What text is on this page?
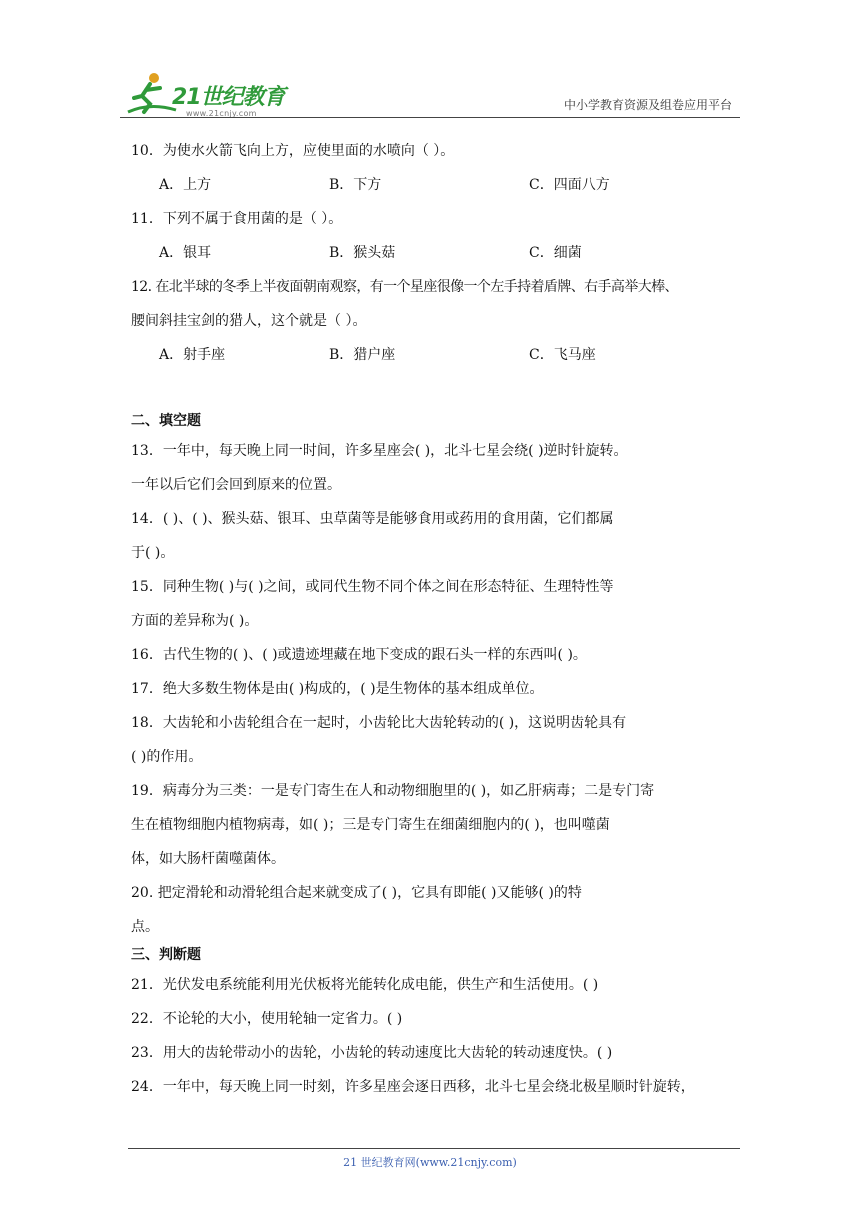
21世纪教育
www.21cnjy.com
中小学教育资源及组卷应用平台
10．为使水火箭飞向上方，应使里面的水喷向（ ）。
A．上方	B．下方	C．四面八方
11．下列不属于食用菌的是（ ）。
A．银耳	B．猴头菇	C．细菌
12. 在北半球的冬季上半夜面朝南观察，有一个星座很像一个左手持着盾牌、右手高举大棒、
腰间斜挂宝剑的猎人，这个就是（ ）。
A．射手座	B．猎户座	C．飞马座
二、填空题
13．一年中，每天晚上同一时间，许多星座会( )，北斗七星会绕( )逆时针旋转。
一年以后它们会回到原来的位置。
14．( )、( )、猴头菇、银耳、虫草菌等是能够食用或药用的食用菌，它们都属
于( )。
15．同种生物( )与( )之间，或同代生物不同个体之间在形态特征、生理特性等
方面的差异称为( )。
16．古代生物的( )、( )或遗迹埋藏在地下变成的跟石头一样的东西叫( )。
17．绝大多数生物体是由( )构成的，( )是生物体的基本组成单位。
18．大齿轮和小齿轮组合在一起时，小齿轮比大齿轮转动的( )，这说明齿轮具有
( )的作用。
19．病毒分为三类：一是专门寄生在人和动物细胞里的( )，如乙肝病毒；二是专门寄
生在植物细胞内植物病毒，如( )；三是专门寄生在细菌细胞内的( )，也叫噬菌
体，如大肠杆菌噬菌体。
20. 把定滑轮和动滑轮组合起来就变成了( )，它具有即能( )又能够( )的特
点。
三、判断题
21．光伏发电系统能利用光伏板将光能转化成电能，供生产和生活使用。( )
22．不论轮的大小，使用轮轴一定省力。( )
23．用大的齿轮带动小的齿轮，小齿轮的转动速度比大齿轮的转动速度快。( )
24．一年中，每天晚上同一时刻，许多星座会逐日西移，北斗七星会绕北极星顺时针旋转，
21 世纪教育网(www.21cnjy.com)
